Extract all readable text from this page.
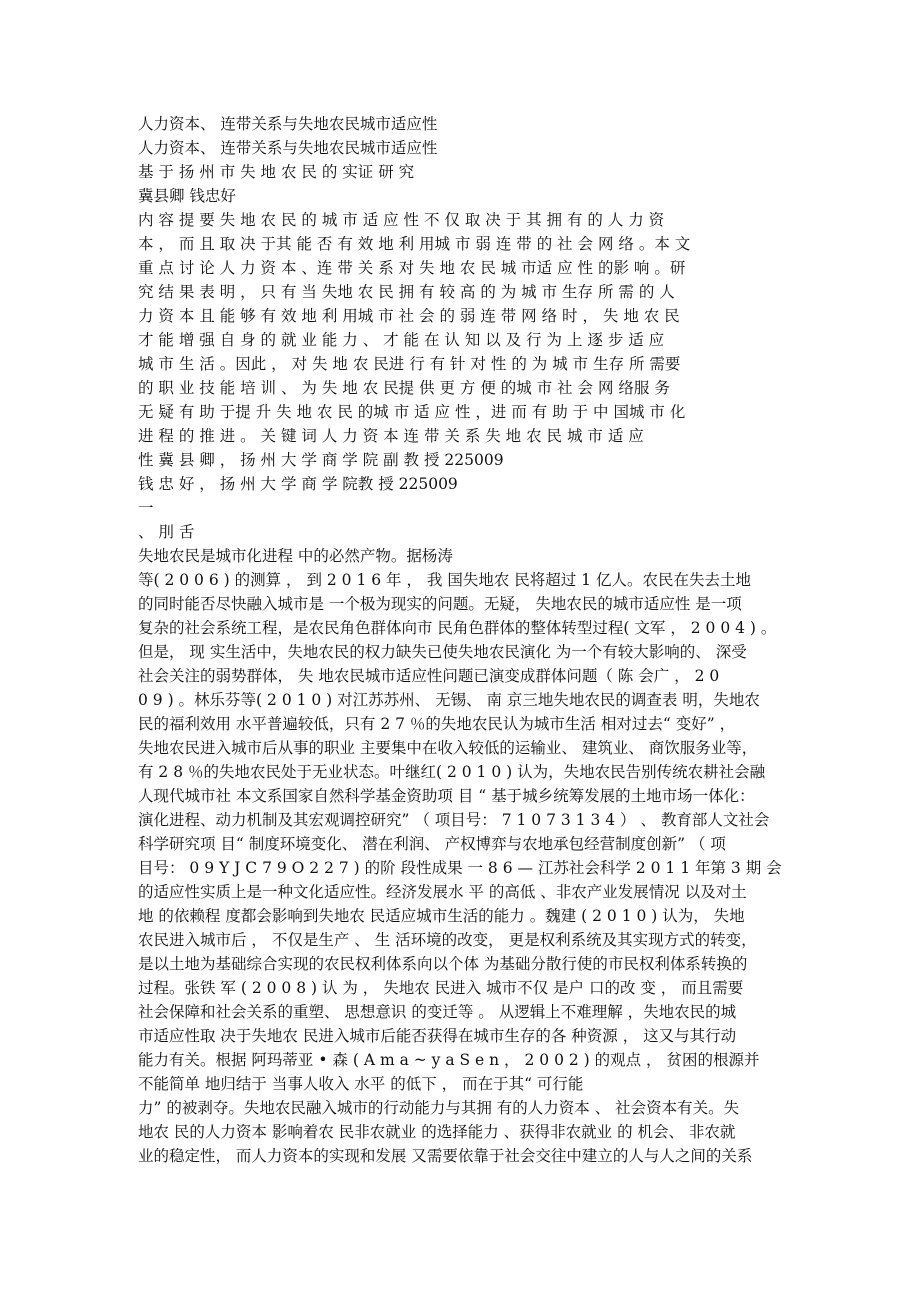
人力资本、 连带关系与失地农民城市适应性
人力资本、 连带关系与失地农民城市适应性
基 于 扬 州 市 失 地 农 民 的 实证 研 究
冀县卿 钱忠好
内 容 提 要 失 地 农 民 的 城 市 适 应 性 不 仅 取 决 于 其 拥 有 的 人 力 资
本 ， 而 且 取 决 于其 能 否 有 效 地 利 用城 市 弱 连 带 的 社 会 网 络 。本 文
重 点 讨 论 人 力 资 本 、连 带 关 系 对 失 地 农 民 城 市适 应 性 的影 响 。研
究 结 果 表 明 ， 只 有 当 失地 农 民 拥 有 较 高 的 为 城 市 生存 所 需 的 人
力 资 本 且 能 够 有 效 地 利 用城 市 社 会 的 弱 连 带 网 络 时 ， 失 地 农 民
才 能 增 强 自 身 的 就 业 能 力 、 才 能 在 认 知 以 及 行 为 上 逐 步 适 应
城 市 生 活 。因此 ， 对 失 地 农 民进 行 有 针 对 性 的 为 城 市 生存 所 需要
的 职 业 技 能 培 训 、 为 失 地 农 民提 供 更 方 便 的城 市 社 会 网 络服 务
无 疑 有 助 于提 升 失 地 农 民 的城 市 适 应 性 ，进 而 有 助 于 中 国城 市 化
进 程 的 推 进 。 关 键 词 人 力 资 本 连 带 关 系 失 地 农 民 城 市 适 应
性 冀 县 卿 ， 扬 州 大 学 商 学 院 副 教 授 225009
钱 忠 好 ， 扬 州 大 学 商 学 院教 授 225009
一
、 刖 舌
失地农民是城市化进程 中的必然产物。据杨涛
等( 2 0 0 6 ) 的测算 ， 到 2 0 1 6 年 ， 我 国失地农 民将超过 1 亿人。农民在失去土地
的同时能否尽快融入城市是 一个极为现实的问题。无疑， 失地农民的城市适应性 是一项
复杂的社会系统工程，是农民角色群体向市 民角色群体的整体转型过程( 文军 ， 2 0 0 4 ) 。
但是， 现 实生活中，失地农民的权力缺失已使失地农民演化 为一个有较大影响的、 深受
社会关注的弱势群体， 失 地农民城市适应性问题已演变成群体问题（ 陈 会广 ， 2 0
0 9 ) 。林乐芬等( 2 0 1 0 ) 对江苏苏州、 无锡、 南 京三地失地农民的调查表 明，失地农
民的福利效用 水平普遍较低，只有 2 7 ％的失地农民认为城市生活 相对过去“ 变好” ，
失地农民进入城市后从事的职业 主要集中在收入较低的运输业、 建筑业、 商饮服务业等，
有 2 8 ％的失地农民处于无业状态。叶继红( 2 0 1 0 ) 认为，失地农民告别传统农耕社会融
人现代城市社 本文系国家自然科学基金资助项 目 “ 基于城乡统筹发展的土地市场一体化：
演化进程、动力机制及其宏观调控研究” （ 项目号： 7 1 0 7 3 1 3 4 ） 、 教育部人文社会
科学研究项 目“ 制度环境变化、 潜在利润、 产权博弈与农地承包经营制度创新” （ 项
目号： 0 9 Y J C 7 9 O 2 2 7 ) 的阶 段性成果 一 8 6 — 江苏社会科学 2 0 1 1 年第 3 期 会
的适应性实质上是一种文化适应性。经济发展水 平 的高低 、非农产业发展情况 以及对土
地 的依赖程 度都会影响到失地农 民适应城市生活的能力 。魏建 ( 2 0 1 0 ) 认为， 失地
农民进入城市后 ， 不仅是生产 、 生 活环境的改变， 更是权利系统及其实现方式的转变，
是以土地为基础综合实现的农民权利体系向以个体 为基础分散行使的市民权利体系转换的
过程。张铁 军 ( 2 0 0 8 ) 认 为 ， 失地农 民进入 城市不仅 是户 口的改 变 ， 而且需要
社会保障和社会关系的重塑、 思想意识 的变迁等 。 从逻辑上不难理解 ，失地农民的城
市适应性取 决于失地农 民进入城市后能否获得在城市生存的各 种资源 ， 这又与其行动
能力有关。根据 阿玛蒂亚 • 森 ( A m a ~ y a S e n ， 2 0 0 2 ) 的观点 ， 贫困的根源并
不能简单 地归结于 当事人收入 水平 的低下 ， 而在于其“ 可行能
力” 的被剥夺。失地农民融入城市的行动能力与其拥 有的人力资本 、 社会资本有关。失
地农 民的人力资本 影响着农 民非农就业 的选择能力 、获得非农就业 的 机会、 非农就
业的稳定性， 而人力资本的实现和发展 又需要依靠于社会交往中建立的人与人之间的关系
